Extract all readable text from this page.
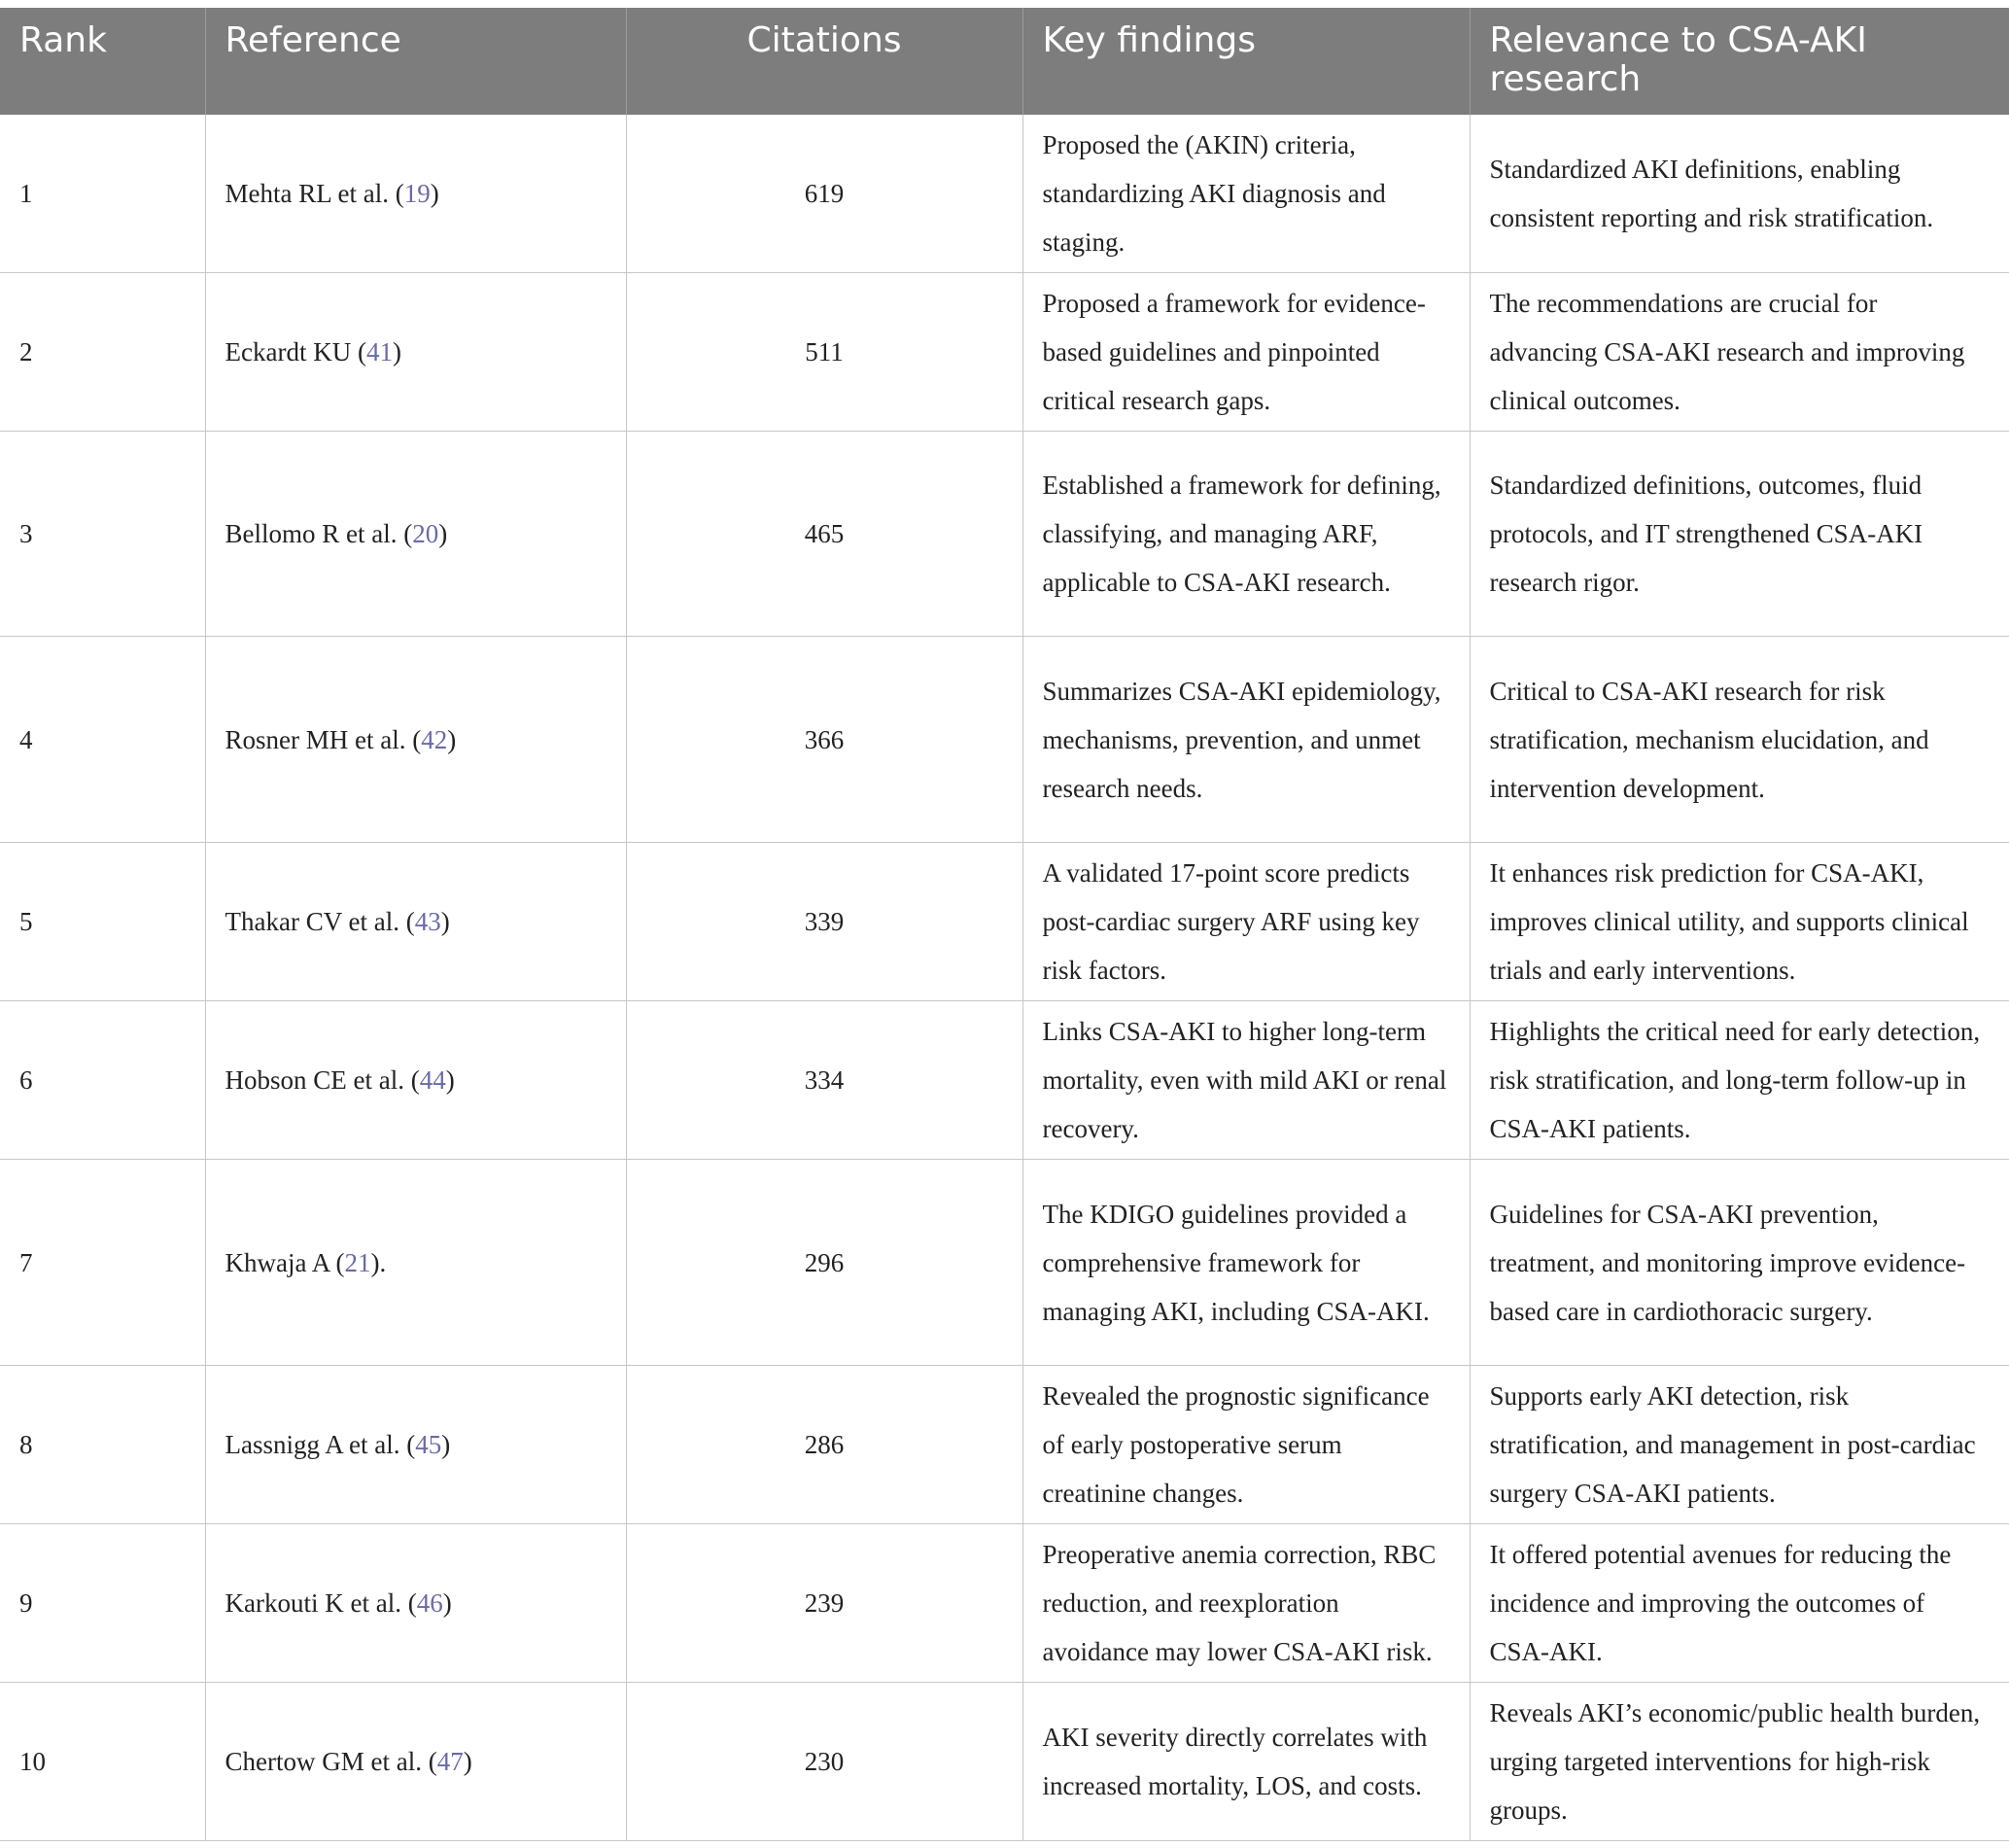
Rank	Reference	Citations	Key findings	Relevance to CSA-AKI research
1	Mehta RL et al. (19)	619	Proposed the (AKIN) criteria, standardizing AKI diagnosis and staging.	Standardized AKI definitions, enabling consistent reporting and risk stratification.
2	Eckardt KU (41)	511	Proposed a framework for evidence-based guidelines and pinpointed critical research gaps.	The recommendations are crucial for advancing CSA-AKI research and improving clinical outcomes.
3	Bellomo R et al. (20)	465	Established a framework for defining, classifying, and managing ARF, applicable to CSA-AKI research.	Standardized definitions, outcomes, fluid protocols, and IT strengthened CSA-AKI research rigor.
4	Rosner MH et al. (42)	366	Summarizes CSA-AKI epidemiology, mechanisms, prevention, and unmet research needs.	Critical to CSA-AKI research for risk stratification, mechanism elucidation, and intervention development.
5	Thakar CV et al. (43)	339	A validated 17-point score predicts post-cardiac surgery ARF using key risk factors.	It enhances risk prediction for CSA-AKI, improves clinical utility, and supports clinical trials and early interventions.
6	Hobson CE et al. (44)	334	Links CSA-AKI to higher long-term mortality, even with mild AKI or renal recovery.	Highlights the critical need for early detection, risk stratification, and long-term follow-up in CSA-AKI patients.
7	Khwaja A (21).	296	The KDIGO guidelines provided a comprehensive framework for managing AKI, including CSA-AKI.	Guidelines for CSA-AKI prevention, treatment, and monitoring improve evidence-based care in cardiothoracic surgery.
8	Lassnigg A et al. (45)	286	Revealed the prognostic significance of early postoperative serum creatinine changes.	Supports early AKI detection, risk stratification, and management in post-cardiac surgery CSA-AKI patients.
9	Karkouti K et al. (46)	239	Preoperative anemia correction, RBC reduction, and reexploration avoidance may lower CSA-AKI risk.	It offered potential avenues for reducing the incidence and improving the outcomes of CSA-AKI.
10	Chertow GM et al. (47)	230	AKI severity directly correlates with increased mortality, LOS, and costs.	Reveals AKI’s economic/public health burden, urging targeted interventions for high-risk groups.
